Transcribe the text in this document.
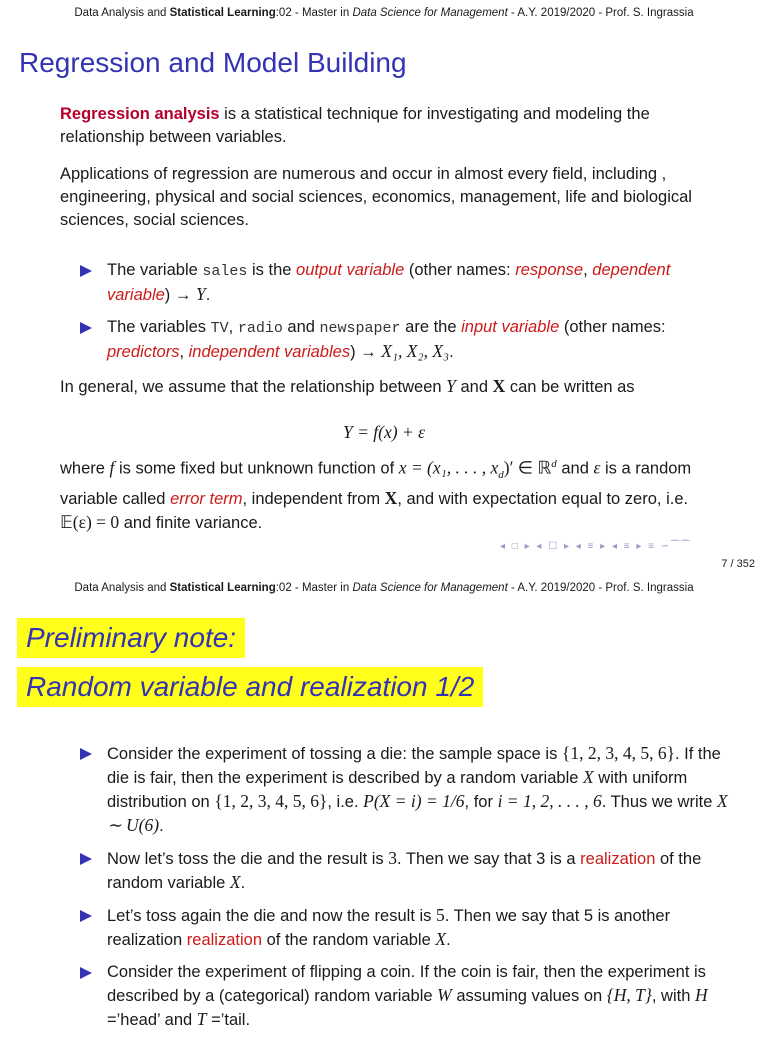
Data Analysis and Statistical Learning:02 - Master in Data Science for Management - A.Y. 2019/2020 - Prof. S. Ingrassia
Regression and Model Building

Regression analysis is a statistical technique for investigating and modeling the relationship between variables.

Applications of regression are numerous and occur in almost every field, including , engineering, physical and social sciences, economics, management, life and biological sciences, social sciences.

The variable sales is the output variable (other names: response, dependent variable) → Y.
The variables TV, radio and newspaper are the input variable (other names: predictors, independent variables) → X₁, X₂, X₃.

In general, we assume that the relationship between Y and X can be written as

Y = f(x) + ε

where f is some fixed but unknown function of x = (x₁, . . . , $x_d)'$ ∈ ℝ$^d$ and ε is a random variable called error term, independent from X, and with expectation equal to zero, i.e. 𝔼(ε) = 0 and finite variance.

◂ □ ▸ ◂ ☐ ▸ ◂ ≡ ▸ ◂ ≡ ▸ ≡ ∽⁀⁀
7 / 352
Data Analysis and Statistical Learning:02 - Master in Data Science for Management - A.Y. 2019/2020 - Prof. S. Ingrassia
Preliminary note:
Random variable and realization 1/2
Consider the experiment of tossing a die: the sample space is {1, 2, 3, 4, 5, 6}. If the die is fair, then the experiment is described by a random variable X with uniform distribution on {1, 2, 3, 4, 5, 6}, i.e. P(X = i) = 1/6, for i = 1, 2, . . . , 6. Thus we write X ∼ U(6).
Now let’s toss the die and the result is 3. Then we say that 3 is a realization of the random variable X.
Let’s toss again the die and now the result is 5. Then we say that 5 is another realization realization of the random variable X.
Consider the experiment of flipping a coin. If the coin is fair, then the experiment is described by a (categorical) random variable W assuming values on {H, T}, with H =’head’ and T =’tail.
